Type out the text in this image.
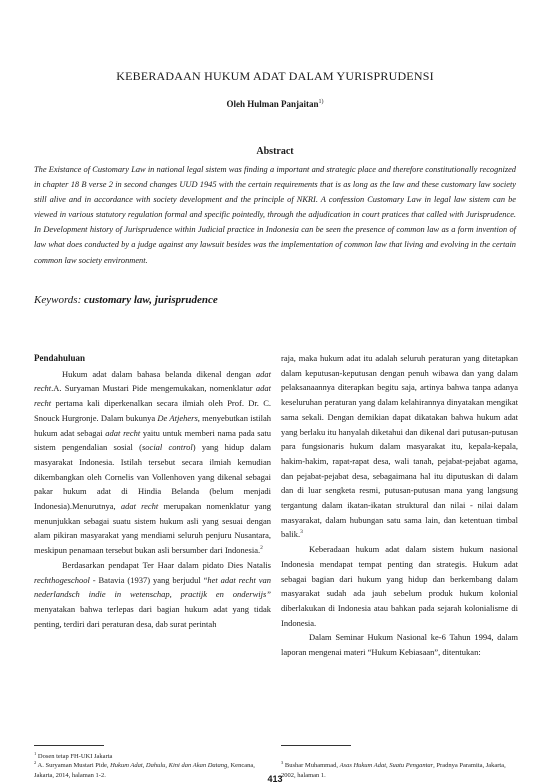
KEBERADAAN HUKUM ADAT DALAM YURISPRUDENSI
Oleh Hulman Panjaitan$^{1)}$
Abstract

The Existance of Customary Law in national legal sistem was finding a important and strategic place and therefore constitutionally recognized in chapter 18 B verse 2 in second changes UUD 1945 with the certain requirements that is as long as the law and these customary law society still alive and in accordance with society development and the principle of NKRI. A confession Customary Law in legal law sistem can be viewed in various statutory regulation formal and specific pointedly, through the adjudication in court pratices that called with Jurisprudence. In Development history of Jurisprudence within Judicial practice in Indonesia can be seen the presence of common law as a form invention of law what does conducted by a judge against any lawsuit besides was the implementation of common law that living and evolving in the certain common law society environment.

Keywords: customary law, jurisprudence

Pendahuluan

Hukum adat dalam bahasa belanda dikenal dengan adat recht.A. Suryaman Mustari Pide mengemukakan, nomenklatur adat recht pertama kali diperkenalkan secara ilmiah oleh Prof. Dr. C. Snouck Hurgronje. Dalam bukunya De Atjehers, menyebutkan istilah hukum adat sebagai adat recht yaitu untuk memberi nama pada satu sistem pengendalian sosial (social control) yang hidup dalam masyarakat Indonesia. Istilah tersebut secara ilmiah kemudian dikembangkan oleh Cornelis van Vollenhoven yang dikenal sebagai pakar hukum adat di Hindia Belanda (belum menjadi Indonesia).Menurutnya, adat recht merupakan nomenklatur yang menunjukkan sebagai suatu sistem hukum asli yang sesuai dengan alam pikiran masyarakat yang mendiami seluruh penjuru Nusantara, meskipun penamaan tersebut bukan asli bersumber dari Indonesia.$^2$

Berdasarkan pendapat Ter Haar dalam pidato Dies Natalis rechthogeschool - Batavia (1937) yang berjudul “het adat recht van nederlandsch indie in wetenschap, practijk en onderwijs” menyatakan bahwa terlepas dari bagian hukum adat yang tidak penting, terdiri dari peraturan desa, dab surat perintah

raja, maka hukum adat itu adalah seluruh peraturan yang ditetapkan dalam keputusan-keputusan dengan penuh wibawa dan yang dalam pelaksanaannya diterapkan begitu saja, artinya bahwa tanpa adanya keseluruhan peraturan yang dalam kelahirannya dinyatakan mengikat sama sekali. Dengan demikian dapat dikatakan bahwa hukum adat yang berlaku itu hanyalah diketahui dan dikenal dari putusan-putusan para fungsionaris hukum dalam masyarakat itu, kepala-kepala, hakim-hakim, rapat-rapat desa, wali tanah, pejabat-pejabat agama, dan pejabat-pejabat desa, sebagaimana hal itu diputuskan di dalam dan di luar sengketa resmi, putusan-putusan mana yang langsung tergantung dalam ikatan-ikatan struktural dan nilai - nilai dalam masyarakat, dalam hubungan satu sama lain, dan ketentuan timbal balik.$^3$

Keberadaan hukum adat dalam sistem hukum nasional Indonesia mendapat tempat penting dan strategis. Hukum adat sebagai bagian dari hukum yang hidup dan berkembang dalam masyarakat sudah ada jauh sebelum produk hukum kolonial diberlakukan di Indonesia atau bahkan pada sejarah kolonialisme di Indonesia.

Dalam Seminar Hukum Nasional ke-6 Tahun 1994, dalam laporan mengenai materi “Hukum Kebiasaan”, ditentukan:

$^1$ Dosen tetap FH-UKI Jakarta

$^2$ A. Suryaman Mustari Pide, Hukum Adat, Dahulu, Kini dan Akan Datang, Kencana, Jakarta, 2014, halaman 1-2.

$^3$ Bushar Muhammad, Asas Hukum Adat, Suatu Pengantar, Pradnya Paramita, Jakarta, 2002, halaman 1.

413
